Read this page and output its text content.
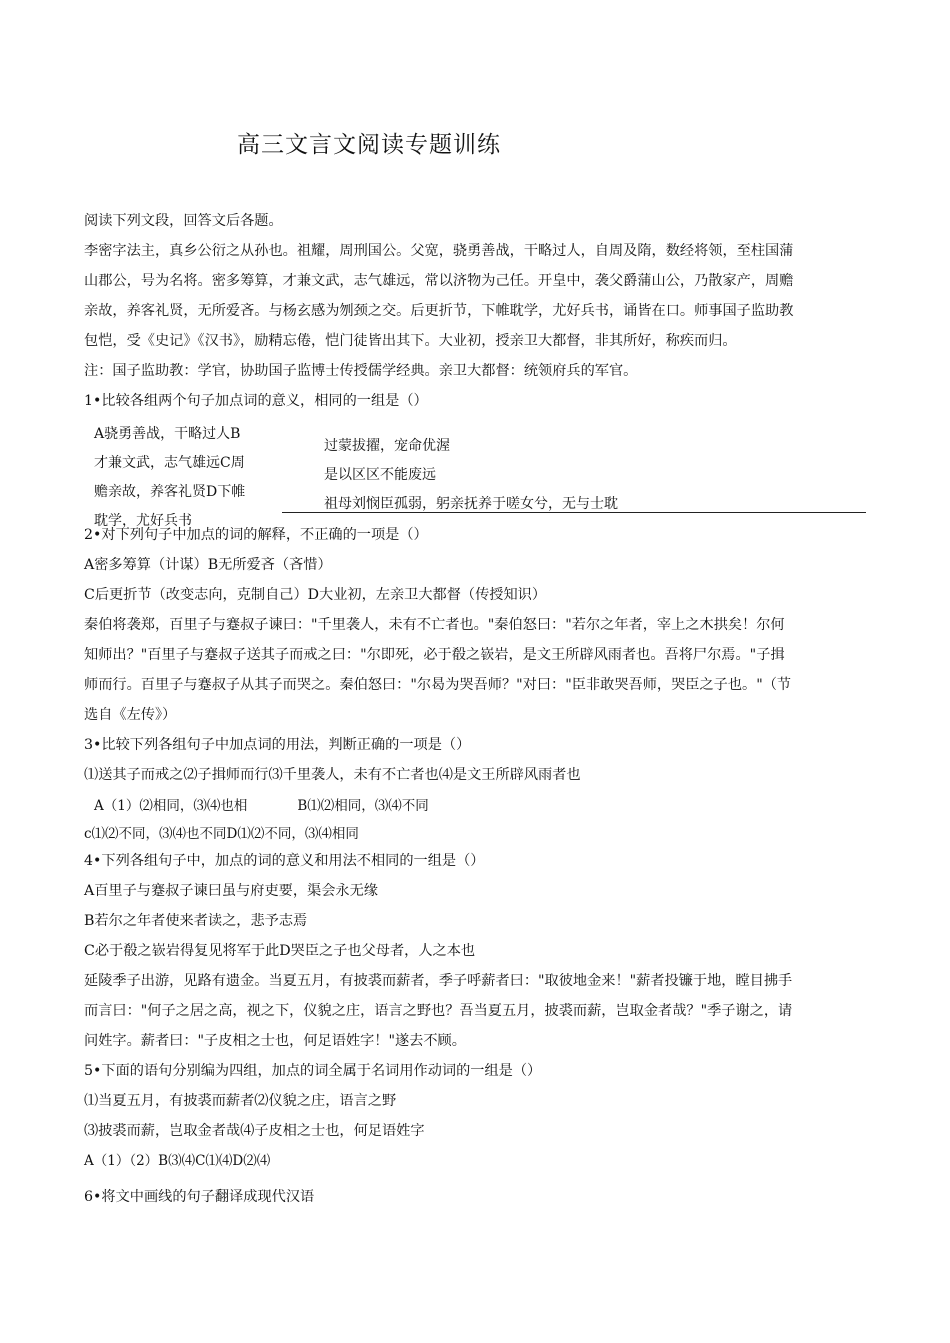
高三文言文阅读专题训练
阅读下列文段，回答文后各题。
李密字法主，真乡公衍之从孙也。祖耀，周刑国公。父宽，骁勇善战，干略过人，自周及隋，数经将领，至柱国蒲
山郡公，号为名将。密多筹算，才兼文武，志气雄远，常以济物为己任。开皇中，袭父爵蒲山公，乃散家产，周赡
亲故，养客礼贤，无所爱吝。与杨玄感为刎颈之交。后更折节，下帷耽学，尤好兵书，诵皆在口。师事国子监助教
包恺，受《史记》《汉书》，励精忘倦，恺门徒皆出其下。大业初，授亲卫大都督，非其所好，称疾而归。
注：国子监助教：学官，协助国子监博士传授儒学经典。亲卫大都督：统领府兵的军官。
1•比较各组两个句子加点词的意义，相同的一组是（）
A骁勇善战，干略过人B
才兼文武，志气雄远C周
赡亲故，养客礼贤D下帷
耽学，尤好兵书
过蒙拔擢，宠命优渥
是以区区不能废远
祖母刘悯臣孤弱，躬亲抚养于嗟女兮，无与士耽
2•对下列句子中加点的词的解释，不正确的一项是（）
A密多筹算（计谋）B无所爱吝（吝惜）
C后更折节（改变志向，克制自己）D大业初，左亲卫大都督（传授知识）
秦伯将袭郑，百里子与蹇叔子谏曰："千里袭人，未有不亡者也。"秦伯怒曰："若尔之年者，宰上之木拱矣！尔何
知师出？"百里子与蹇叔子送其子而戒之曰："尔即死，必于殽之嵚岩，是文王所辟风雨者也。吾将尸尔焉。"子揖
师而行。百里子与蹇叔子从其子而哭之。秦伯怒曰："尔曷为哭吾师？"对曰："臣非敢哭吾师，哭臣之子也。"（节
选自《左传》）
3•比较下列各组句子中加点词的用法，判断正确的一项是（）
⑴送其子而戒之⑵子揖师而行⑶千里袭人，未有不亡者也⑷是文王所辟风雨者也
A（1）⑵相同，⑶⑷也相	B⑴⑵相同，⑶⑷不同
c⑴⑵不同，⑶⑷也不同D⑴⑵不同，⑶⑷相同
4•下列各组句子中，加点的词的意义和用法不相同的一组是（）
A百里子与蹇叔子谏曰虽与府吏要，渠会永无缘
B若尔之年者使来者读之，悲予志焉
C必于殽之嵚岩得复见将军于此D哭臣之子也父母者，人之本也
延陵季子出游，见路有遗金。当夏五月，有披裘而薪者，季子呼薪者曰："取彼地金来！"薪者投镰于地，瞠目拂手
而言曰："何子之居之高，视之下，仪貌之庄，语言之野也？吾当夏五月，披裘而薪，岂取金者哉？"季子谢之，请
问姓字。薪者曰："子皮相之士也，何足语姓字！"遂去不顾。
5•下面的语句分别编为四组，加点的词全属于名词用作动词的一组是（）
⑴当夏五月，有披裘而薪者⑵仪貌之庄，语言之野
⑶披裘而薪，岂取金者哉⑷子皮相之士也，何足语姓字
A（1）（2）B⑶⑷C⑴⑷D⑵⑷
6•将文中画线的句子翻译成现代汉语
